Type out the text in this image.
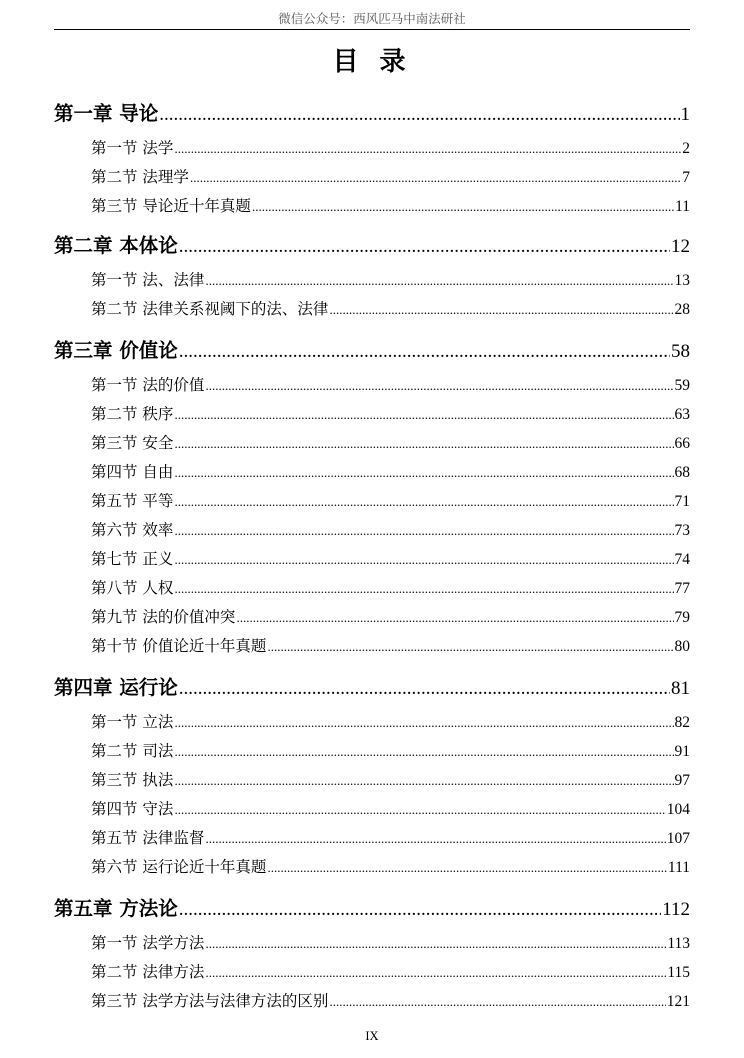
微信公众号：西风匹马中南法研社
目 录
第一章 导论 .....	1
第一节 法学 .....	2
第二节 法理学 .....	7
第三节 导论近十年真题 .....	11
第二章 本体论 .....	12
第一节 法、法律 .....	13
第二节 法律关系视阈下的法、法律 .....	28
第三章 价值论 .....	58
第一节 法的价值 .....	59
第二节 秩序 .....	63
第三节 安全 .....	66
第四节 自由 .....	68
第五节 平等 .....	71
第六节 效率 .....	73
第七节 正义 .....	74
第八节 人权 .....	77
第九节 法的价值冲突 .....	79
第十节 价值论近十年真题 .....	80
第四章 运行论 .....	81
第一节 立法 .....	82
第二节 司法 .....	91
第三节 执法 .....	97
第四节 守法 .....	104
第五节 法律监督 .....	107
第六节 运行论近十年真题 .....	111
第五章 方法论 .....	112
第一节 法学方法 .....	113
第二节 法律方法 .....	115
第三节 法学方法与法律方法的区别 .....	121
IX
